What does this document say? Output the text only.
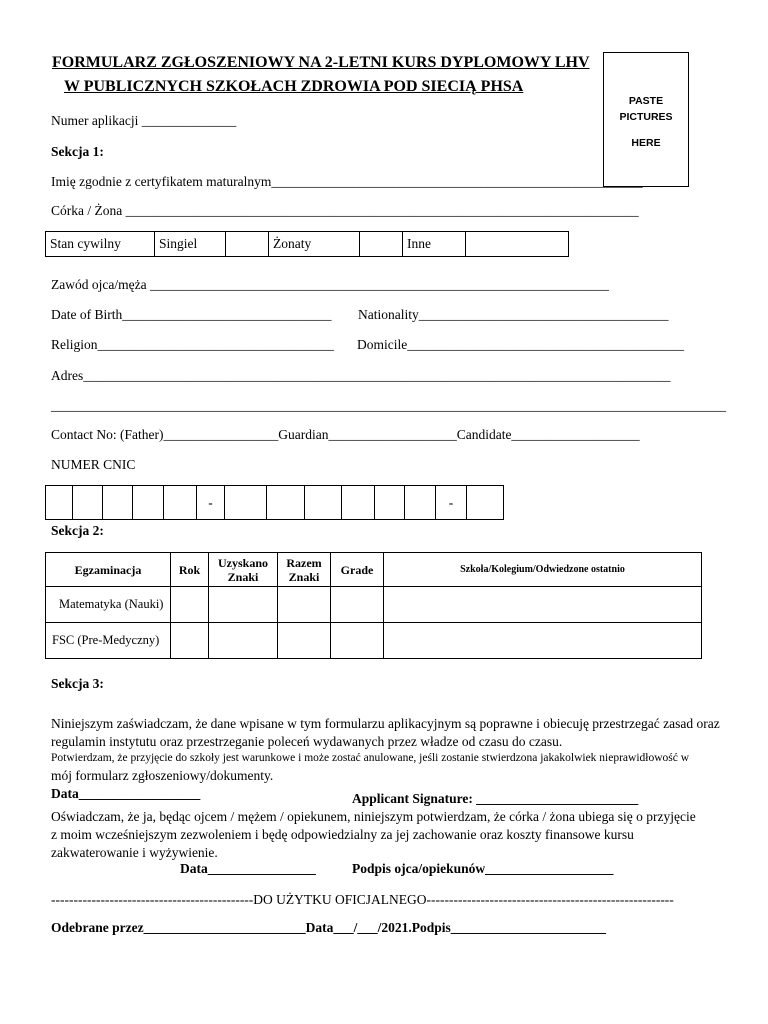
FORMULARZ ZGŁOSZENIOWY NA 2-LETNI KURS DYPLOMOWY LHV
W PUBLICZNYCH SZKOŁACH ZDROWIA POD SIECIĄ PHSA
PASTE
PICTURES
HERE
Numer aplikacji ______________
Sekcja 1:
Imię zgodnie z certyfikatem maturalnym_______________________________________________________
Córka / Żona ____________________________________________________________________________
Stan cywilny	Singiel		Żonaty		Inne	
Zawód ojca/męża ____________________________________________________________________
Date of Birth_______________________________ Nationality_____________________________________
Religion___________________________________ Domicile_________________________________________
Adres_______________________________________________________________________________________
____________________________________________________________________________________________________
Contact No: (Father)_________________Guardian___________________Candidate___________________
NUMER CNIC
					-							-	
Sekcja 2:
Egzaminacja	Rok	Uzyskano Znaki	Razem Znaki	Grade	Szkoła/Kolegium/Odwiedzone ostatnio
Matematyka (Nauki)					
FSC (Pre-Medyczny)					
Sekcja 3:
Niniejszym zaświadczam, że dane wpisane w tym formularzu aplikacyjnym są poprawne i obiecuję przestrzegać zasad oraz
regulamin instytutu oraz przestrzeganie poleceń wydawanych przez władze od czasu do czasu.
Potwierdzam, że przyjęcie do szkoły jest warunkowe i może zostać anulowane, jeśli zostanie stwierdzona jakakolwiek nieprawidłowość w
mój formularz zgłoszeniowy/dokumenty.
Data__________________	Applicant Signature: ________________________
Oświadczam, że ja, będąc ojcem / mężem / opiekunem, niniejszym potwierdzam, że córka / żona ubiega się o przyjęcie
z moim wcześniejszym zezwoleniem i będę odpowiedzialny za jej zachowanie oraz koszty finansowe kursu
zakwaterowanie i wyżywienie.
Data________________	Podpis ojca/opiekunów___________________
---------------------------------------------DO UŻYTKU OFICJALNEGO-------------------------------------------------------
Odebrane przez________________________Data___/___/2021.Podpis_______________________
